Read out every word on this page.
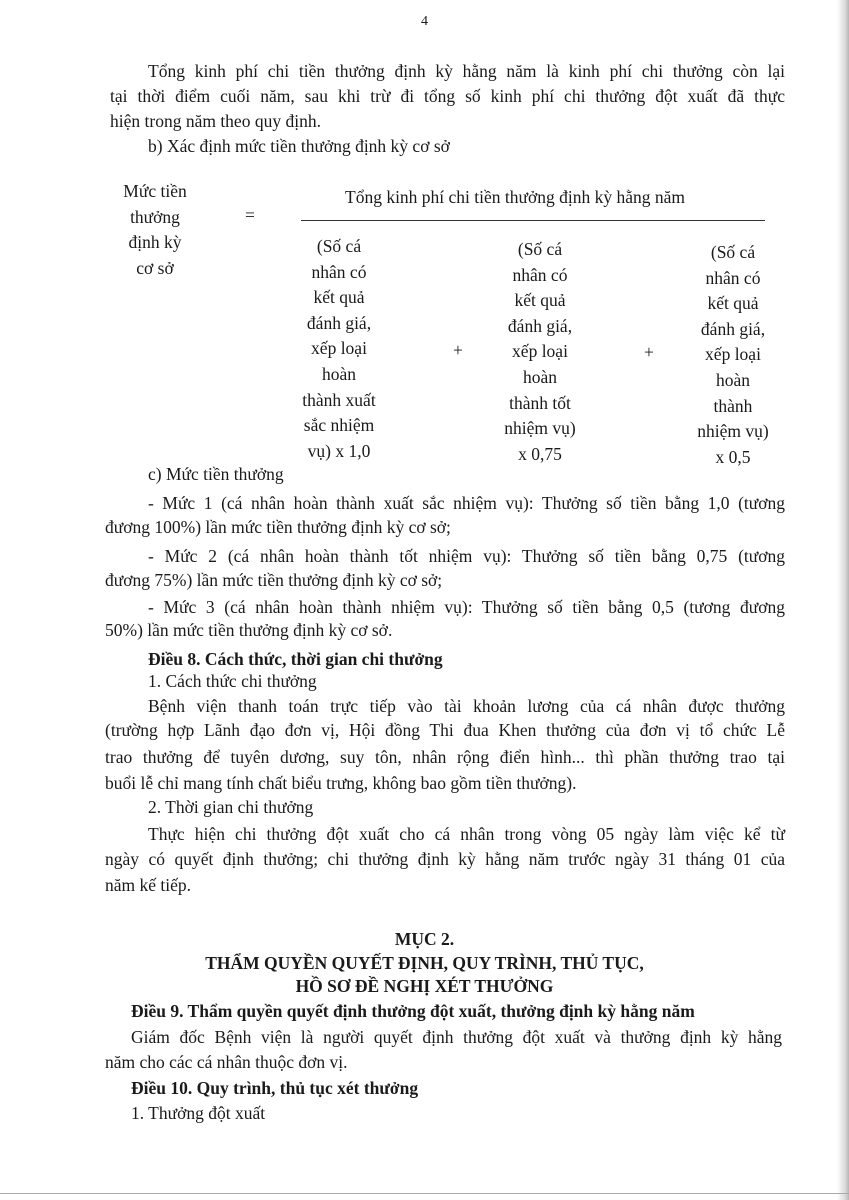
4
Tổng kinh phí chi tiền thưởng định kỳ hằng năm là kinh phí chi thưởng còn lại
tại thời điểm cuối năm, sau khi trừ đi tổng số kinh phí chi thưởng đột xuất đã thực
hiện trong năm theo quy định.
b) Xác định mức tiền thưởng định kỳ cơ sở
Mức tiền
thưởng
định kỳ
cơ sở
=
Tổng kinh phí chi tiền thưởng định kỳ hằng năm
(Số cá
nhân có
kết quả
đánh giá,
xếp loại
hoàn
thành xuất
sắc nhiệm
vụ) x 1,0
+
(Số cá
nhân có
kết quả
đánh giá,
xếp loại
hoàn
thành tốt
nhiệm vụ)
x 0,75
+
(Số cá
nhân có
kết quả
đánh giá,
xếp loại
hoàn
thành
nhiệm vụ)
x 0,5
c) Mức tiền thưởng
- Mức 1 (cá nhân hoàn thành xuất sắc nhiệm vụ): Thưởng số tiền bằng 1,0 (tương
đương 100%) lần mức tiền thưởng định kỳ cơ sở;
- Mức 2 (cá nhân hoàn thành tốt nhiệm vụ): Thưởng số tiền bằng 0,75 (tương
đương 75%) lần mức tiền thưởng định kỳ cơ sở;
- Mức 3 (cá nhân hoàn thành nhiệm vụ): Thưởng số tiền bằng 0,5 (tương đương
50%) lần mức tiền thưởng định kỳ cơ sở.
Điều 8. Cách thức, thời gian chi thưởng
1. Cách thức chi thưởng
Bệnh viện thanh toán trực tiếp vào tài khoản lương của cá nhân được thưởng
(trường hợp Lãnh đạo đơn vị, Hội đồng Thi đua Khen thưởng của đơn vị tổ chức Lễ
trao thưởng để tuyên dương, suy tôn, nhân rộng điển hình... thì phần thưởng trao tại
buổi lễ chỉ mang tính chất biểu trưng, không bao gồm tiền thưởng).
2. Thời gian chi thưởng
Thực hiện chi thưởng đột xuất cho cá nhân trong vòng 05 ngày làm việc kể từ
ngày có quyết định thưởng; chi thưởng định kỳ hằng năm trước ngày 31 tháng 01 của
năm kế tiếp.
MỤC 2.
THẨM QUYỀN QUYẾT ĐỊNH, QUY TRÌNH, THỦ TỤC,
HỒ SƠ ĐỀ NGHỊ XÉT THƯỞNG
Điều 9. Thẩm quyền quyết định thưởng đột xuất, thưởng định kỳ hằng năm
Giám đốc Bệnh viện là người quyết định thưởng đột xuất và thưởng định kỳ hằng
năm cho các cá nhân thuộc đơn vị.
Điều 10. Quy trình, thủ tục xét thưởng
1. Thưởng đột xuất
